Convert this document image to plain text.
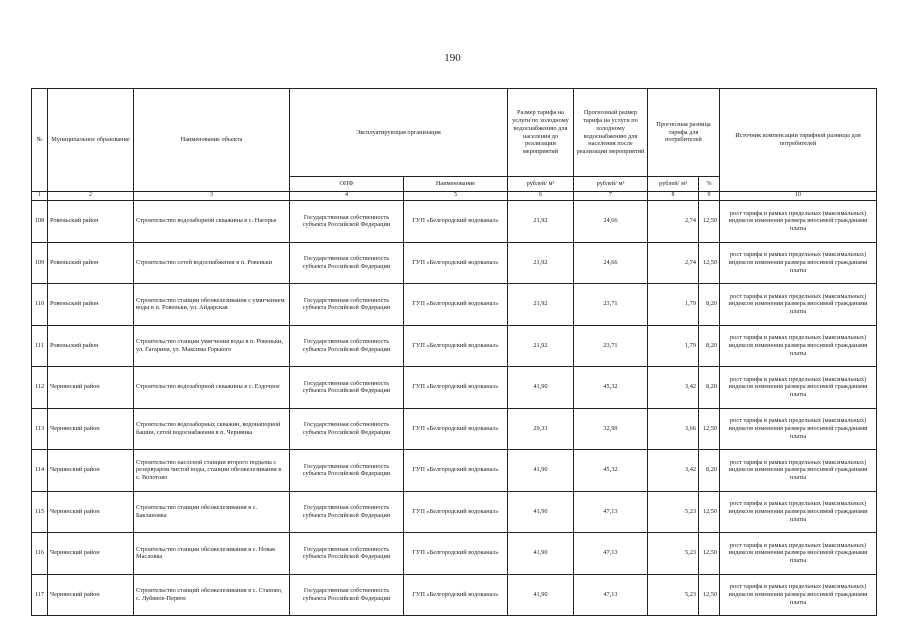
190
№	Муниципальное образование	Наименование объекта	Эксплуатирующая организация		Размер тарифа на услуги по холодному водоснабжению для населения до реализации мероприятий	Прогнозный размер тарифа на услуги по холодному водоснабжению для населения после реализации мероприятий	Прогнозная разница тарифа для потребителей		Источник компенсации тарифной разницы для потребителей
			ОПФ	Наименование	рублей/ м³	рублей/ м³	рублей/ м³	%	
1	2	3	4	5	6	7	8	9	10
108	Ровеньский район	Строительство водозаборной скважины в с. Нагорье	Государственная собственность субъекта Российской Федерации	ГУП «Белгородский водоканал»	21,92	24,66	2,74	12,50	рост тарифа в рамках предельных (максимальных) индексов изменения размера вносимой гражданами платы
109	Ровеньский район	Строительство сетей водоснабжения в п. Ровеньки	Государственная собственность субъекта Российской Федерации	ГУП «Белгородский водоканал»	21,92	24,66	2,74	12,50	рост тарифа в рамках предельных (максимальных) индексов изменения размера вносимой гражданами платы
110	Ровеньский район	Строительство станции обезжелезивания с умягчением воды в п. Ровеньки, ул. Айдарская	Государственная собственность субъекта Российской Федерации	ГУП «Белгородский водоканал»	21,92	23,71	1,79	8,20	рост тарифа в рамках предельных (максимальных) индексов изменения размера вносимой гражданами платы
111	Ровеньский район	Строительство станции умягчения воды в п. Ровеньки, ул. Гагарина, ул. Максима Горького	Государственная собственность субъекта Российской Федерации	ГУП «Белгородский водоканал»	21,92	23,71	1,79	8,20	рост тарифа в рамках предельных (максимальных) индексов изменения размера вносимой гражданами платы
112	Чернянский район	Строительство водозаборной скважины в с. Ездочное	Государственная собственность субъекта Российской Федерации	ГУП «Белгородский водоканал»	41,90	45,32	3,42	8,20	рост тарифа в рамках предельных (максимальных) индексов изменения размера вносимой гражданами платы
113	Чернянский район	Строительство водозаборных скважин, водонапорной башни, сетей водоснабжения в п. Чернянка	Государственная собственность субъекта Российской Федерации	ГУП «Белгородский водоканал»	29,33	32,99	3,66	12,50	рост тарифа в рамках предельных (максимальных) индексов изменения размера вносимой гражданами платы
114	Чернянский район	Строительство насосной станции второго подъема с резервуаром чистой воды, станции обезжелезивания в с. Волотово	Государственная собственность субъекта Российской Федерации	ГУП «Белгородский водоканал»	41,90	45,32	3,42	8,20	рост тарифа в рамках предельных (максимальных) индексов изменения размера вносимой гражданами платы
115	Чернянский район	Строительство станции обезжелезивания в с. Баклановка	Государственная собственность субъекта Российской Федерации	ГУП «Белгородский водоканал»	41,90	47,13	5,23	12,50	рост тарифа в рамках предельных (максимальных) индексов изменения размера вносимой гражданами платы
116	Чернянский район	Строительство станции обезжелезивания в с. Новая Масловка	Государственная собственность субъекта Российской Федерации	ГУП «Белгородский водоканал»	41,90	47,13	5,23	12,50	рост тарифа в рамках предельных (максимальных) индексов изменения размера вносимой гражданами платы
117	Чернянский район	Строительство станций обезжелезивания в с. Станово, с. Лубяное-Первое	Государственная собственность субъекта Российской Федерации	ГУП «Белгородский водоканал»	41,90	47,13	5,23	12,50	рост тарифа в рамках предельных (максимальных) индексов изменения размера вносимой гражданами платы
